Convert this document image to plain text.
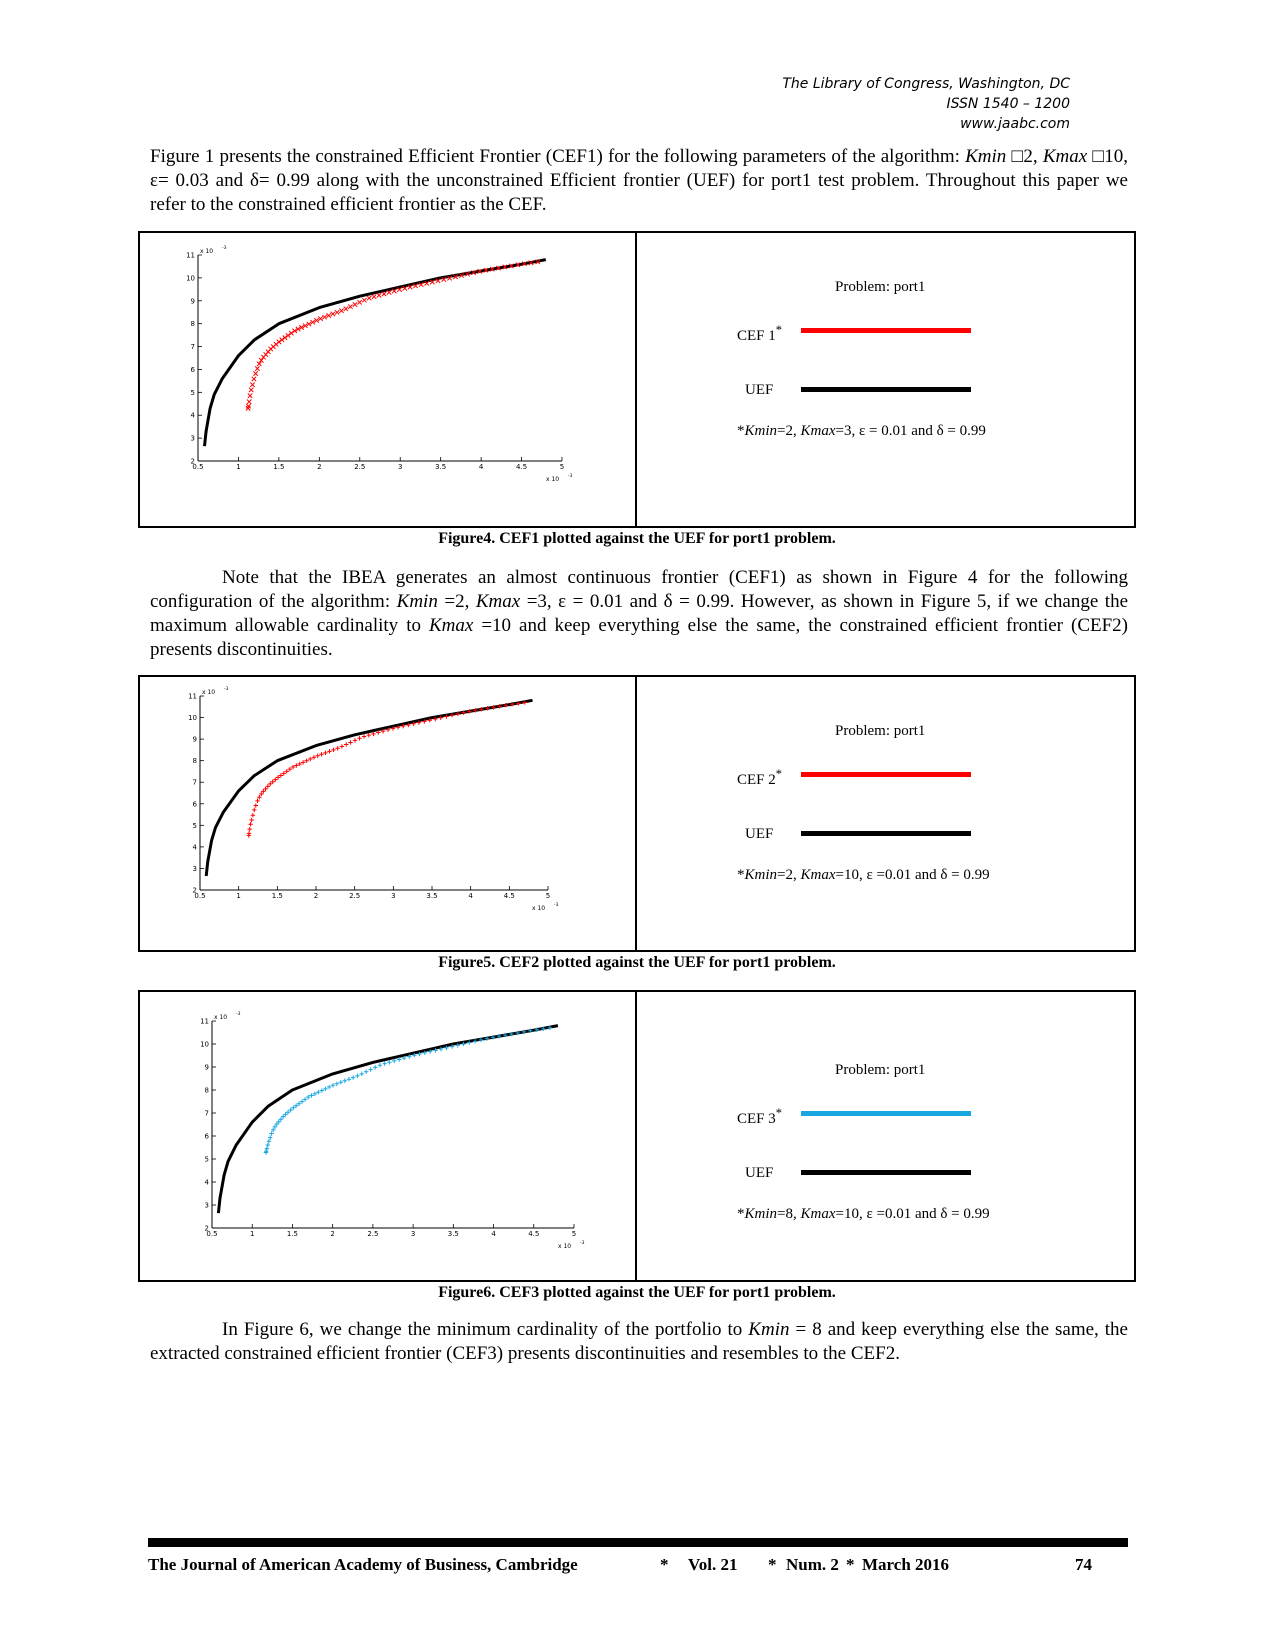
The Library of Congress, Washington, DC
ISSN 1540 – 1200
www.jaabc.com
Figure 1 presents the constrained Efficient Frontier (CEF1) for the following parameters of the algorithm: Kmin □2, Kmax □10, ε= 0.03 and δ= 0.99 along with the unconstrained Efficient frontier (UEF) for port1 test problem. Throughout this paper we refer to the constrained efficient frontier as the CEF.
0.5	1	1.5	2	2.5	3	3.5	4	4.5	5
2
3
4
5
6
7
8
9
10
11 x 10 -3
x 10 -3
Problem: port1
CEF 1*
UEF
*Kmin=2, Kmax=3, ε = 0.01 and δ = 0.99
Figure4. CEF1 plotted against the UEF for port1 problem.
Note that the IBEA generates an almost continuous frontier (CEF1) as shown in Figure 4 for the following configuration of the algorithm: Kmin =2, Kmax =3, ε = 0.01 and δ = 0.99. However, as shown in Figure 5, if we change the maximum allowable cardinality to Kmax =10 and keep everything else the same, the constrained efficient frontier (CEF2) presents discontinuities.
0.5	1	1.5	2	2.5	3	3.5	4	4.5	5
2
3
4
5
6
7
8
9
10
11 x 10 -3
x 10 -3
Problem: port1
CEF 2*
UEF
*Kmin=2, Kmax=10, ε =0.01 and δ = 0.99
Figure5. CEF2 plotted against the UEF for port1 problem.
0.5	1	1.5	2	2.5	3	3.5	4	4.5	5
2
3
4
5
6
7
8
9
10
11 x 10 -3
x 10 -3
Problem: port1
CEF 3*
UEF
*Kmin=8, Kmax=10, ε =0.01 and δ = 0.99
Figure6. CEF3 plotted against the UEF for port1 problem.
In Figure 6, we change the minimum cardinality of the portfolio to Kmin = 8 and keep everything else the same, the extracted constrained efficient frontier (CEF3) presents discontinuities and resembles to the CEF2.
The Journal of American Academy of Business, Cambridge	* Vol. 21 * Num. 2 * March 2016	74
